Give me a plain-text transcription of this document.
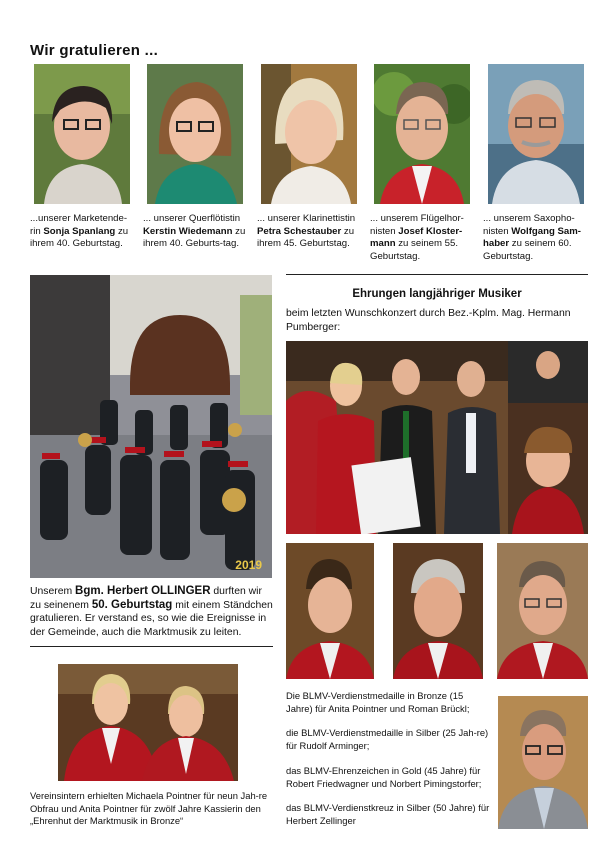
Wir gratulieren ...
...unserer Marketende-rin Sonja Spanlang zu ihrem 40. Geburtstag.
... unserer Querflötistin Kerstin Wiedemann zu ihrem 40. Geburts-tag.
... unserer Klarinettistin Petra Schestauber zu ihrem 45. Geburtstag.
... unserem Flügelhor-nisten Josef Kloster-mann zu seinem 55. Geburtstag.
... unserem Saxopho-nisten Wolfgang Sam-haber zu seinem 60. Geburtstag.
2019
Unserem Bgm. Herbert OLLINGER durften wir zu seinenem 50. Geburtstag mit einem Ständchen gratulieren. Er verstand es, so wie die Ereignisse in der Gemeinde, auch die Marktmusik zu leiten.
Ehrungen langjähriger Musiker
beim letzten Wunschkonzert durch Bez.-Kplm. Mag. Hermann Pumberger:
Die BLMV-Verdienstmedaille in Bronze (15 Jahre) für Anita Pointner und Roman Brückl;
die BLMV-Verdienstmedaille in Silber (25 Jah-re) für Rudolf Arminger;
das BLMV-Ehrenzeichen in Gold (45 Jahre) für Robert Friedwagner und Norbert Pimingstorfer;
das BLMV-Verdienstkreuz in Silber (50 Jahre) für Herbert Zellinger
Vereinsintern erhielten Michaela Pointner für neun Jah-re Obfrau und Anita Pointner für zwölf Jahre Kassierin den „Ehrenhut der Marktmusik in Bronze“
